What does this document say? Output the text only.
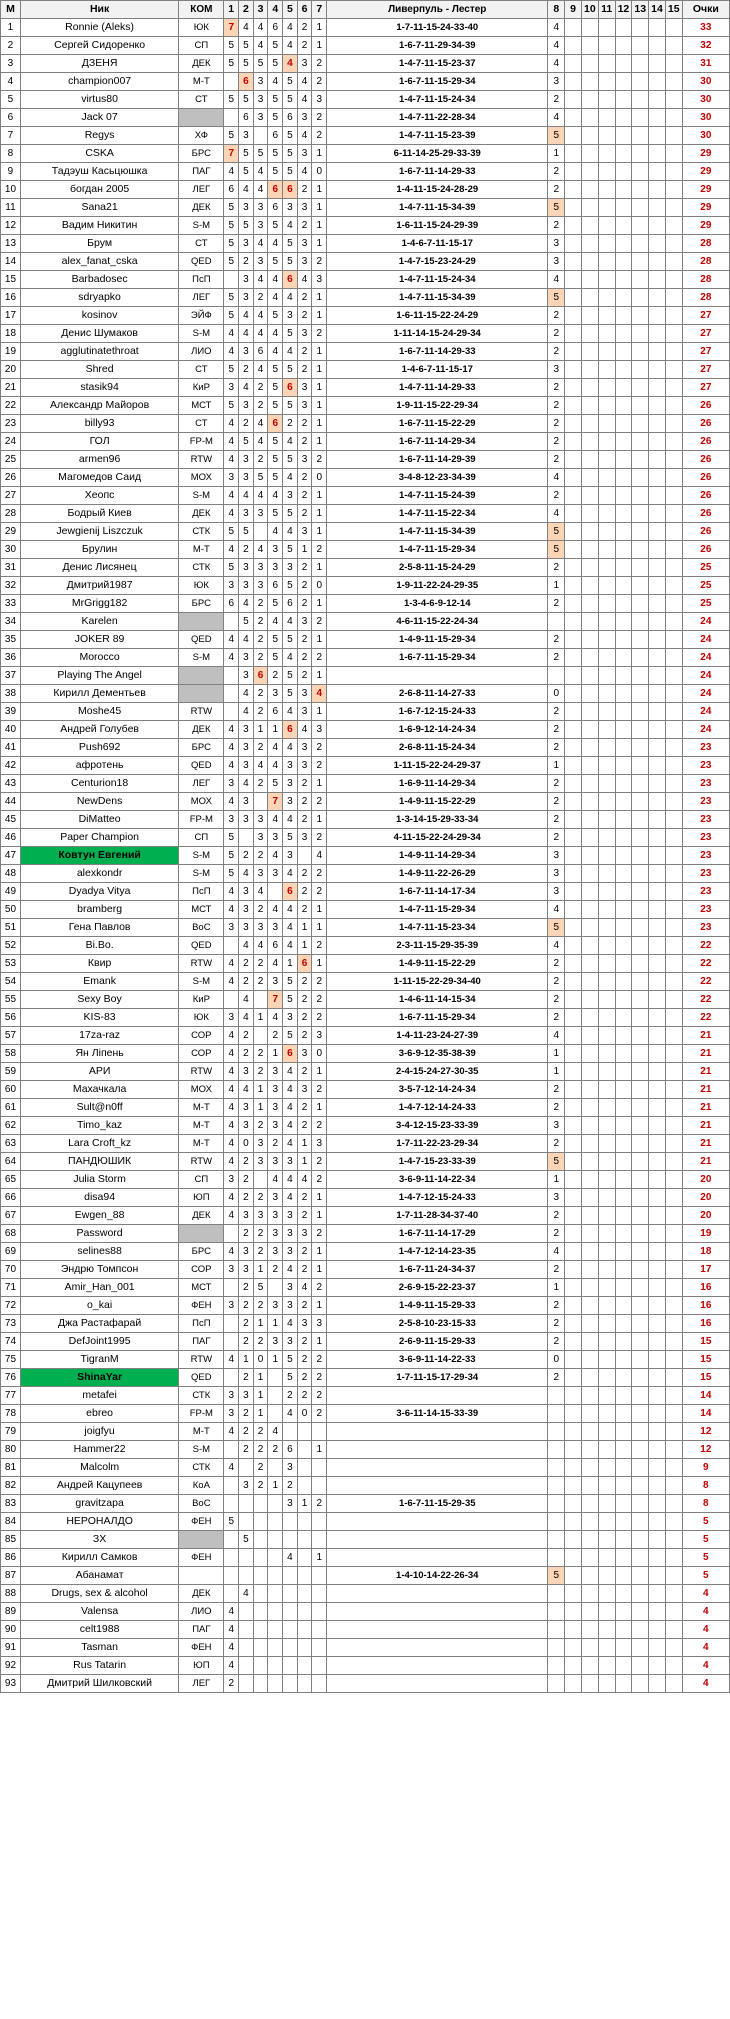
М	Ник	КОМ	1	2	3	4	5	6	7	Ливерпуль - Лестер	8	9	10	11	12	13	14	15	Очки
1	Ronnie (Aleks)	ЮК	7	4	4	6	4	2	1	1-7-11-15-24-33-40	4								33
2	Сергей Сидоренко	СП	5	5	4	5	4	2	1	1-6-7-11-29-34-39	4								32
3	ДЗЕНЯ	ДЕК	5	5	5	5	4	3	2	1-4-7-11-15-23-37	4								31
4	champion007	М-Т		6	3	4	5	4	2	1-6-7-11-15-29-34	3								30
5	virtus80	СТ	5	5	3	5	5	4	3	1-4-7-11-15-24-34	2								30
6	Jack 07			6	3	5	6	3	2	1-4-7-11-22-28-34	4								30
7	Regys	ХФ	5	3		6	5	4	2	1-4-7-11-15-23-39	5								30
8	CSKA	БРС	7	5	5	5	5	3	1	6-11-14-25-29-33-39	1								29
9	Тадэуш Касьцюшка	ПАГ	4	5	4	5	5	4	0	1-6-7-11-14-29-33	2								29
10	богдан 2005	ЛЕГ	6	4	4	6	6	2	1	1-4-11-15-24-28-29	2								29
11	Sana21	ДЕК	5	3	3	6	3	3	1	1-4-7-11-15-34-39	5								29
12	Вадим Никитин	S-M	5	5	3	5	4	2	1	1-6-11-15-24-29-39	2								29
13	Брум	СТ	5	3	4	4	5	3	1	1-4-6-7-11-15-17	3								28
14	alex_fanat_cska	QED	5	2	3	5	5	3	2	1-4-7-15-23-24-29	3								28
15	Barbadosec	ПсП		3	4	4	6	4	3	1-4-7-11-15-24-34	4								28
16	sdryapko	ЛЕГ	5	3	2	4	4	2	1	1-4-7-11-15-34-39	5								28
17	kosinov	ЭЙФ	5	4	4	5	3	2	1	1-6-11-15-22-24-29	2								27
18	Денис Шумаков	S-M	4	4	4	4	5	3	2	1-11-14-15-24-29-34	2								27
19	agglutinatethroat	ЛИО	4	3	6	4	4	2	1	1-6-7-11-14-29-33	2								27
20	Shred	СТ	5	2	4	5	5	2	1	1-4-6-7-11-15-17	3								27
21	stasik94	КиР	3	4	2	5	6	3	1	1-4-7-11-14-29-33	2								27
22	Александр Майоров	МСТ	5	3	2	5	5	3	1	1-9-11-15-22-29-34	2								26
23	billy93	СТ	4	2	4	6	2	2	1	1-6-7-11-15-22-29	2								26
24	ГОЛ	FP-M	4	5	4	5	4	2	1	1-6-7-11-14-29-34	2								26
25	armen96	RTW	4	3	2	5	5	3	2	1-6-7-11-14-29-39	2								26
26	Магомедов Саид	МОХ	3	3	5	5	4	2	0	3-4-8-12-23-34-39	4								26
27	Хеопс	S-M	4	4	4	4	3	2	1	1-4-7-11-15-24-39	2								26
28	Бодрый Киев	ДЕК	4	3	3	5	5	2	1	1-4-7-11-15-22-34	4								26
29	Jewgienij Liszczuk	СТК	5	5		4	4	3	1	1-4-7-11-15-34-39	5								26
30	Брулин	М-Т	4	2	4	3	5	1	2	1-4-7-11-15-29-34	5								26
31	Денис Лисянец	СТК	5	3	3	3	3	2	1	2-5-8-11-15-24-29	2								25
32	Дмитрий1987	ЮК	3	3	3	6	5	2	0	1-9-11-22-24-29-35	1								25
33	MrGrigg182	БРС	6	4	2	5	6	2	1	1-3-4-6-9-12-14	2								25
34	Karelen			5	2	4	4	3	2	4-6-11-15-22-24-34									24
35	JOKER 89	QED	4	4	2	5	5	2	1	1-4-9-11-15-29-34	2								24
36	Morocco	S-M	4	3	2	5	4	2	2	1-6-7-11-15-29-34	2								24
37	Playing The Angel			3	6	2	5	2	1										24
38	Кирилл Дементьев			4	2	3	5	3	4	2-6-8-11-14-27-33	0								24
39	Moshe45	RTW		4	2	6	4	3	1	1-6-7-12-15-24-33	2								24
40	Андрей Голубев	ДЕК	4	3	1	1	6	4	3	1-6-9-12-14-24-34	2								24
41	Push692	БРС	4	3	2	4	4	3	2	2-6-8-11-15-24-34	2								23
42	афротень	QED	4	3	4	4	3	3	2	1-11-15-22-24-29-37	1								23
43	Centurion18	ЛЕГ	3	4	2	5	3	2	1	1-6-9-11-14-29-34	2								23
44	NewDens	МОХ	4	3		7	3	2	2	1-4-9-11-15-22-29	2								23
45	DiMatteo	FP-M	3	3	3	4	4	2	1	1-3-14-15-29-33-34	2								23
46	Paper Champion	СП	5		3	3	5	3	2	4-11-15-22-24-29-34	2								23
47	Ковтун Евгений	S-M	5	2	2	4	3		4	1-4-9-11-14-29-34	3								23
48	alexkondr	S-M	5	4	3	3	4	2	2	1-4-9-11-22-26-29	3								23
49	Dyadya Vitya	ПсП	4	3	4		6	2	2	1-6-7-11-14-17-34	3								23
50	bramberg	МСТ	4	3	2	4	4	2	1	1-4-7-11-15-29-34	4								23
51	Гена Павлов	ВоС	3	3	3	3	4	1	1	1-4-7-11-15-23-34	5								23
52	Bi.Bo.	QED		4	4	6	4	1	2	2-3-11-15-29-35-39	4								22
53	Квир	RTW	4	2	2	4	1	6	1	1-4-9-11-15-22-29	2								22
54	Emank	S-M	4	2	2	3	5	2	2	1-11-15-22-29-34-40	2								22
55	Sexy Boy	КиР		4		7	5	2	2	1-4-6-11-14-15-34	2								22
56	KIS-83	ЮК	3	4	1	4	3	2	2	1-6-7-11-15-29-34	2								22
57	17za-raz	СОР	4	2		2	5	2	3	1-4-11-23-24-27-39	4								21
58	Ян Ліпень	СОР	4	2	2	1	6	3	0	3-6-9-12-35-38-39	1								21
59	АРИ	RTW	4	3	2	3	4	2	1	2-4-15-24-27-30-35	1								21
60	Махачкала	МОХ	4	4	1	3	4	3	2	3-5-7-12-14-24-34	2								21
61	Sult@n0ff	М-Т	4	3	1	3	4	2	1	1-4-7-12-14-24-33	2								21
62	Timo_kaz	М-Т	4	3	2	3	4	2	2	3-4-12-15-23-33-39	3								21
63	Lara Croft_kz	М-Т	4	0	3	2	4	1	3	1-7-11-22-23-29-34	2								21
64	ПАНДЮШИК	RTW	4	2	3	3	3	1	2	1-4-7-15-23-33-39	5								21
65	Julia Storm	СП	3	2		4	4	4	2	3-6-9-11-14-22-34	1								20
66	disa94	ЮП	4	2	2	3	4	2	1	1-4-7-12-15-24-33	3								20
67	Ewgen_88	ДЕК	4	3	3	3	3	2	1	1-7-11-28-34-37-40	2								20
68	Password			2	2	3	3	3	2	1-6-7-11-14-17-29	2								19
69	selines88	БРС	4	3	2	3	3	2	1	1-4-7-12-14-23-35	4								18
70	Эндрю Томпсон	СОР	3	3	1	2	4	2	1	1-6-7-11-24-34-37	2								17
71	Amir_Han_001	МСТ		2	5		3	4	2	2-6-9-15-22-23-37	1								16
72	o_kai	ФЕН	3	2	2	3	3	2	1	1-4-9-11-15-29-33	2								16
73	Джа Растафарай	ПсП		2	1	1	4	3	3	2-5-8-10-23-15-33	2								16
74	DefJoint1995	ПАГ		2	2	3	3	2	1	2-6-9-11-15-29-33	2								15
75	TigranM	RTW	4	1	0	1	5	2	2	3-6-9-11-14-22-33	0								15
76	ShinaYar	QED		2	1		5	2	2	1-7-11-15-17-29-34	2								15
77	metafei	СТК	3	3	1		2	2	2										14
78	ebreo	FP-M	3	2	1		4	0	2	3-6-11-14-15-33-39									14
79	joigfyu	М-Т	4	2	2	4													12
80	Hammer22	S-M		2	2	2	6		1										12
81	Malcolm	СТК	4		2		3												9
82	Андрей Кацупеев	КоА		3	2	1	2												8
83	gravitzapa	ВоС					3	1	2	1-6-7-11-15-29-35									8
84	НЕРОНАЛДО	ФЕН	5																5
85	ЗХ			5															5
86	Кирилл Самков	ФЕН					4		1										5
87	Абанамат									1-4-10-14-22-26-34	5								5
88	Drugs, sex & alcohol	ДЕК		4															4
89	Valensa	ЛИО	4																4
90	celt1988	ПАГ	4																4
91	Tasman	ФЕН	4																4
92	Rus Tatarin	ЮП	4																4
93	Дмитрий Шилковский	ЛЕГ	2																4
